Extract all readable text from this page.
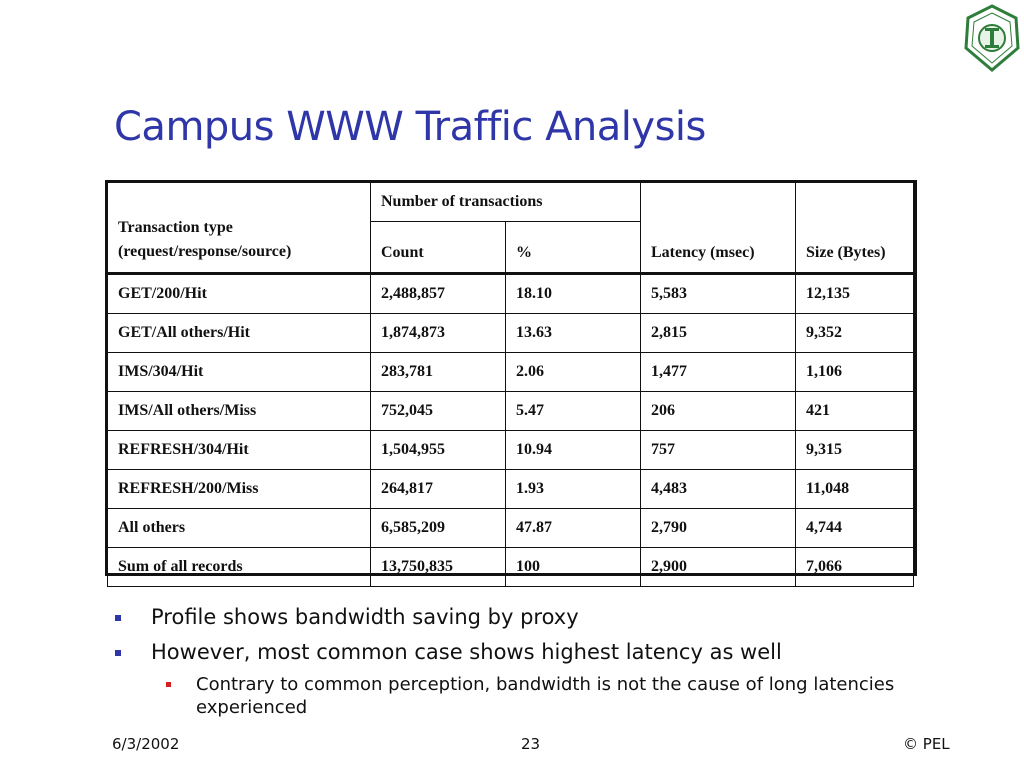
Campus WWW Traffic Analysis
Transaction type
(request/response/source)	Number of transactions		Latency (msec)	Size (Bytes)
	Count	%		
GET/200/Hit	2,488,857	18.10	5,583	12,135
GET/All others/Hit	1,874,873	13.63	2,815	9,352
IMS/304/Hit	283,781	2.06	1,477	1,106
IMS/All others/Miss	752,045	5.47	206	421
REFRESH/304/Hit	1,504,955	10.94	757	9,315
REFRESH/200/Miss	264,817	1.93	4,483	11,048
All others	6,585,209	47.87	2,790	4,744
Sum of all records	13,750,835	100	2,900	7,066
Profile shows bandwidth saving by proxy
However, most common case shows highest latency as well
Contrary to common perception, bandwidth is not the cause of long latencies experienced
6/3/2002	23	© PEL
